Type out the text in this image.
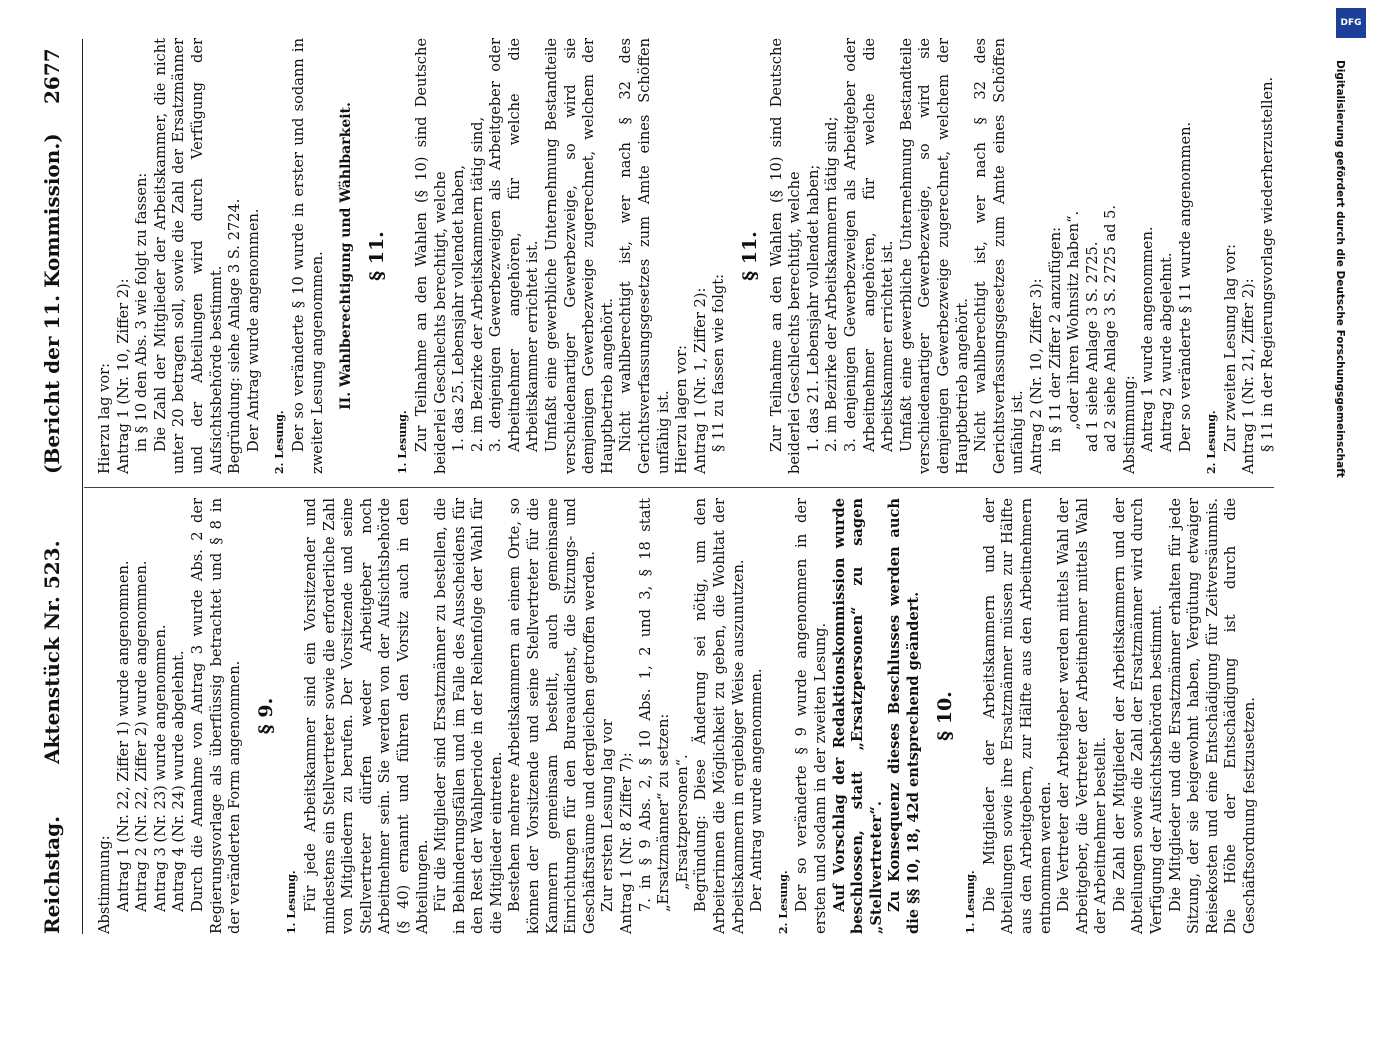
DFG
Digitalisierung gefördert durch die Deutsche Forschungsgemeinschaft
Reichstag.
Aktenstück Nr. 523.
(Bericht der 11. Kommission.)
2677
Abstimmung: Antrag 1 (Nr. 22, Ziffer 1) wurde angenommen. Antrag 2 (Nr. 22, Ziffer 2) wurde angenommen. Antrag 3 (Nr. 23) wurde angenommen. Antrag 4 (Nr. 24) wurde abgelehnt. Durch die Annahme von Antrag 3 wurde Abs. 2 der Regierungsvorlage als überflüssig betrachtet und § 8 in der veränderten Form angenommen. § 9.
1. Lesung. Für jede Arbeitskammer sind ein Vorsitzender und mindestens ein Stellvertreter sowie die erforderliche Zahl von Mitgliedern zu berufen. Der Vorsitzende und seine Stellvertreter dürfen weder Arbeitgeber noch Arbeitnehmer sein. Sie werden von der Aufsichtsbehörde (§ 40) ernannt und führen den Vorsitz auch in den Abteilungen. Für die Mitglieder sind Ersatzmänner zu bestellen, die in Behinderungsfällen und im Falle des Ausscheidens für den Rest der Wahlperiode in der Reihenfolge der Wahl für die Mitglieder eintreten. Bestehen mehrere Arbeitskammern an einem Orte, so können der Vorsitzende und seine Stellvertreter für die Kammern gemeinsam bestellt, auch gemeinsame Einrichtungen für den Bureaudienst, die Sitzungs- und Geschäftsräume und dergleichen getroffen werden. Zur ersten Lesung lag vor Antrag 1 (Nr. 8 Ziffer 7): 7. in § 9 Abs. 2, § 10 Abs. 1, 2 und 3, § 18 statt „Ersatzmänner“ zu setzen: „Ersatzpersonen“. Begründung: Diese Änderung sei nötig, um den Arbeiterinnen die Möglichkeit zu geben, die Wohltat der Arbeitskammern in ergiebiger Weise auszunutzen. Der Antrag wurde angenommen. 2. Lesung. Der so veränderte § 9 wurde angenommen in der ersten und sodann in der zweiten Lesung. Auf Vorschlag der Redaktionskommission wurde beschlossen, statt „Ersatzpersonen“ zu sagen „Stellvertreter“. Zu Konsequenz dieses Beschlusses werden auch die §§ 10, 18, 42d entsprechend geändert. § 10.
1. Lesung. Die Mitglieder der Arbeitskammern und der Abteilungen sowie ihre Ersatzmänner müssen zur Hälfte aus den Arbeitgebern, zur Hälfte aus den Arbeitnehmern entnommen werden. Die Vertreter der Arbeitgeber werden mittels Wahl der Arbeitgeber, die Vertreter der Arbeitnehmer mittels Wahl der Arbeitnehmer bestellt. Die Zahl der Mitglieder der Arbeitskammern und der Abteilungen sowie die Zahl der Ersatzmänner wird durch Verfügung der Aufsichtsbehörden bestimmt. Die Mitglieder und die Ersatzmänner erhalten für jede Sitzung, der sie beigewohnt haben, Vergütung etwaiger Reisekosten und eine Entschädigung für Zeitversäumnis. Die Höhe der Entschädigung ist durch die Geschäftsordnung festzusetzen.
Hierzu lag vor: Antrag 1 (Nr. 10, Ziffer 2): in § 10 den Abs. 3 wie folgt zu fassen: Die Zahl der Mitglieder der Arbeitskammer, die nicht unter 20 betragen soll, sowie die Zahl der Ersatzmänner und der Abteilungen wird durch Verfügung der Aufsichtsbehörde bestimmt. Begründung: siehe Anlage 3 S. 2724. Der Antrag wurde angenommen. 2. Lesung. Der so veränderte § 10 wurde in erster und sodann in zweiter Lesung angenommen. II. Wahlberechtigung und Wählbarkeit. § 11.
1. Lesung. Zur Teilnahme an den Wahlen (§ 10) sind Deutsche beiderlei Geschlechts berechtigt, welche 1. das 25. Lebensjahr vollendet haben, 2. im Bezirke der Arbeitskammern tätig sind, 3. denjenigen Gewerbezweigen als Arbeitgeber oder Arbeitnehmer angehören, für welche die Arbeitskammer errichtet ist. Umfaßt eine gewerbliche Unternehmung Bestandteile verschiedenartiger Gewerbezweige, so wird sie demjenigen Gewerbezweige zugerechnet, welchem der Hauptbetrieb angehört. Nicht wahlberechtigt ist, wer nach § 32 des Gerichtsverfassungsgesetzes zum Amte eines Schöffen unfähig ist. Hierzu lagen vor: Antrag 1 (Nr. 1, Ziffer 2): § 11 zu fassen wie folgt:
§ 11. Zur Teilnahme an den Wahlen (§ 10) sind Deutsche beiderlei Geschlechts berechtigt, welche 1. das 21. Lebensjahr vollendet haben; 2. im Bezirke der Arbeitskammern tätig sind; 3. denjenigen Gewerbezweigen als Arbeitgeber oder Arbeitnehmer angehören, für welche die Arbeitskammer errichtet ist. Umfaßt eine gewerbliche Unternehmung Bestandteile verschiedenartiger Gewerbezweige, so wird sie demjenigen Gewerbezweige zugerechnet, welchem der Hauptbetrieb angehört. Nicht wahlberechtigt ist, wer nach § 32 des Gerichtsverfassungsgesetzes zum Amte eines Schöffen unfähig ist. Antrag 2 (Nr. 10, Ziffer 3): in § 11 der Ziffer 2 anzufügen: „oder ihren Wohnsitz haben“. ad 1 siehe Anlage 3 S. 2725. ad 2 siehe Anlage 3 S. 2725 ad 5. Abstimmung: Antrag 1 wurde angenommen. Antrag 2 wurde abgelehnt. Der so veränderte § 11 wurde angenommen. 2. Lesung. Zur zweiten Lesung lag vor: Antrag 1 (Nr. 21, Ziffer 2): § 11 in der Regierungsvorlage wiederherzustellen.
